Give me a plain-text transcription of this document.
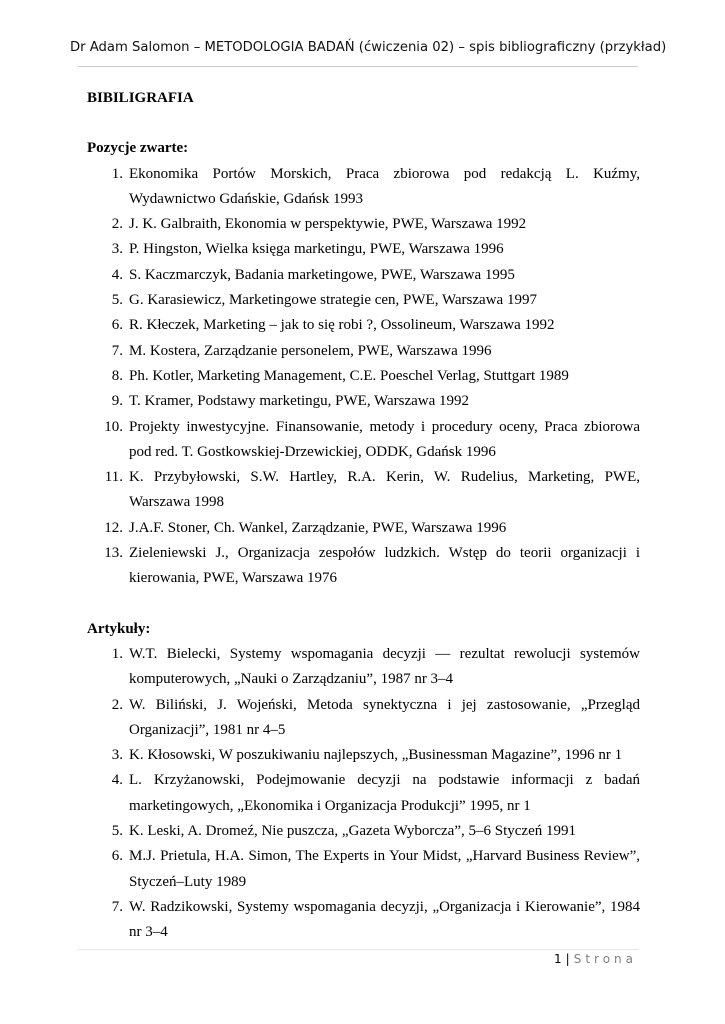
Dr Adam Salomon – METODOLOGIA BADAŃ (ćwiczenia 02) – spis bibliograficzny (przykład)

BIBILIGRAFIA

Pozycje zwarte:

1. Ekonomika Portów Morskich, Praca zbiorowa pod redakcją L. Kuźmy, Wydawnictwo Gdańskie, Gdańsk 1993
2. J. K. Galbraith, Ekonomia w perspektywie, PWE, Warszawa 1992
3. P. Hingston, Wielka księga marketingu, PWE, Warszawa 1996
4. S. Kaczmarczyk, Badania marketingowe, PWE, Warszawa 1995
5. G. Karasiewicz, Marketingowe strategie cen, PWE, Warszawa 1997
6. R. Kłeczek, Marketing – jak to się robi ?, Ossolineum, Warszawa 1992
7. M. Kostera, Zarządzanie personelem, PWE, Warszawa 1996
8. Ph. Kotler, Marketing Management, C.E. Poeschel Verlag, Stuttgart 1989
9. T. Kramer, Podstawy marketingu, PWE, Warszawa 1992
10. Projekty inwestycyjne. Finansowanie, metody i procedury oceny, Praca zbiorowa pod red. T. Gostkowskiej-Drzewickiej, ODDK, Gdańsk 1996
11. K. Przybyłowski, S.W. Hartley, R.A. Kerin, W. Rudelius, Marketing, PWE, Warszawa 1998
12. J.A.F. Stoner, Ch. Wankel, Zarządzanie, PWE, Warszawa 1996
13. Zieleniewski J., Organizacja zespołów ludzkich. Wstęp do teorii organizacji i kierowania, PWE, Warszawa 1976

Artykuły:

1. W.T. Bielecki, Systemy wspomagania decyzji — rezultat rewolucji systemów komputerowych, „Nauki o Zarządzaniu”, 1987 nr 3–4
2. W. Biliński, J. Wojeński, Metoda synektyczna i jej zastosowanie, „Przegląd Organizacji”, 1981 nr 4–5
3. K. Kłosowski, W poszukiwaniu najlepszych, „Businessman Magazine”, 1996 nr 1
4. L. Krzyżanowski, Podejmowanie decyzji na podstawie informacji z badań marketingowych, „Ekonomika i Organizacja Produkcji” 1995, nr 1
5. K. Leski, A. Dromeź, Nie puszcza, „Gazeta Wyborcza”, 5–6 Styczeń 1991
6. M.J. Prietula, H.A. Simon, The Experts in Your Midst, „Harvard Business Review”, Styczeń–Luty 1989
7. W. Radzikowski, Systemy wspomagania decyzji, „Organizacja i Kierowanie”, 1984 nr 3–4
1 | Strona
